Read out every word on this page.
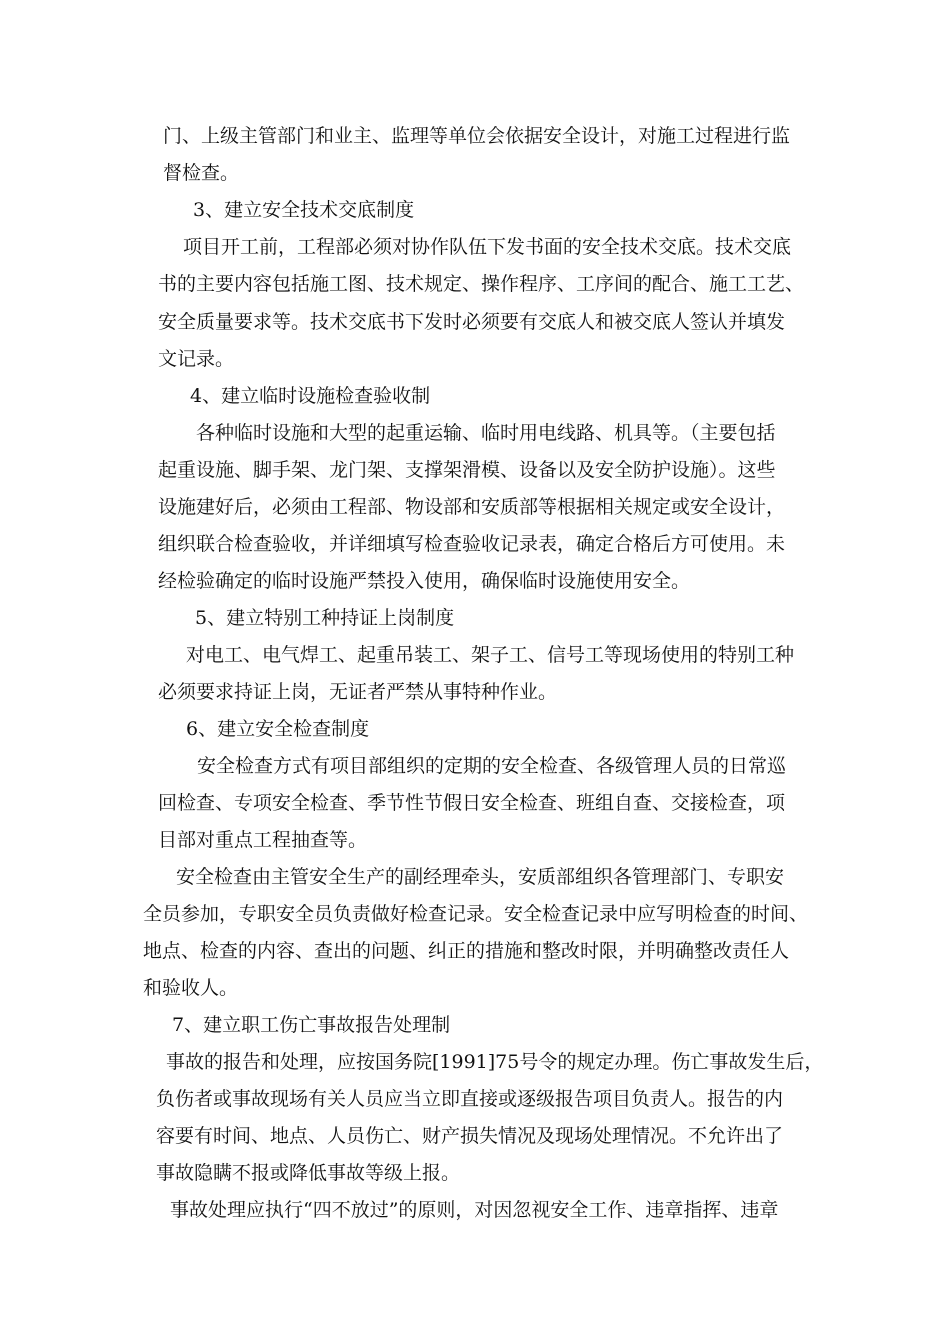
门、上级主管部门和业主、监理等单位会依据安全设计，对施工过程进行监
督检查。
3、建立安全技术交底制度
项目开工前，工程部必须对协作队伍下发书面的安全技术交底。技术交底
书的主要内容包括施工图、技术规定、操作程序、工序间的配合、施工工艺、
安全质量要求等。技术交底书下发时必须要有交底人和被交底人签认并填发
文记录。
4、建立临时设施检查验收制
各种临时设施和大型的起重运输、临时用电线路、机具等。（主要包括
起重设施、脚手架、龙门架、支撑架滑模、设备以及安全防护设施）。这些
设施建好后，必须由工程部、物设部和安质部等根据相关规定或安全设计，
组织联合检查验收，并详细填写检查验收记录表，确定合格后方可使用。未
经检验确定的临时设施严禁投入使用，确保临时设施使用安全。
5、建立特别工种持证上岗制度
对电工、电气焊工、起重吊装工、架子工、信号工等现场使用的特别工种
必须要求持证上岗，无证者严禁从事特种作业。
6、建立安全检查制度
安全检查方式有项目部组织的定期的安全检查、各级管理人员的日常巡
回检查、专项安全检查、季节性节假日安全检查、班组自查、交接检查，项
目部对重点工程抽查等。
安全检查由主管安全生产的副经理牵头，安质部组织各管理部门、专职安
全员参加，专职安全员负责做好检查记录。安全检查记录中应写明检查的时间、
地点、检查的内容、查出的问题、纠正的措施和整改时限，并明确整改责任人
和验收人。
7、建立职工伤亡事故报告处理制
事故的报告和处理，应按国务院[1991]75号令的规定办理。伤亡事故发生后，
负伤者或事故现场有关人员应当立即直接或逐级报告项目负责人。报告的内
容要有时间、地点、人员伤亡、财产损失情况及现场处理情况。不允许出了
事故隐瞒不报或降低事故等级上报。
事故处理应执行“四不放过”的原则，对因忽视安全工作、违章指挥、违章
